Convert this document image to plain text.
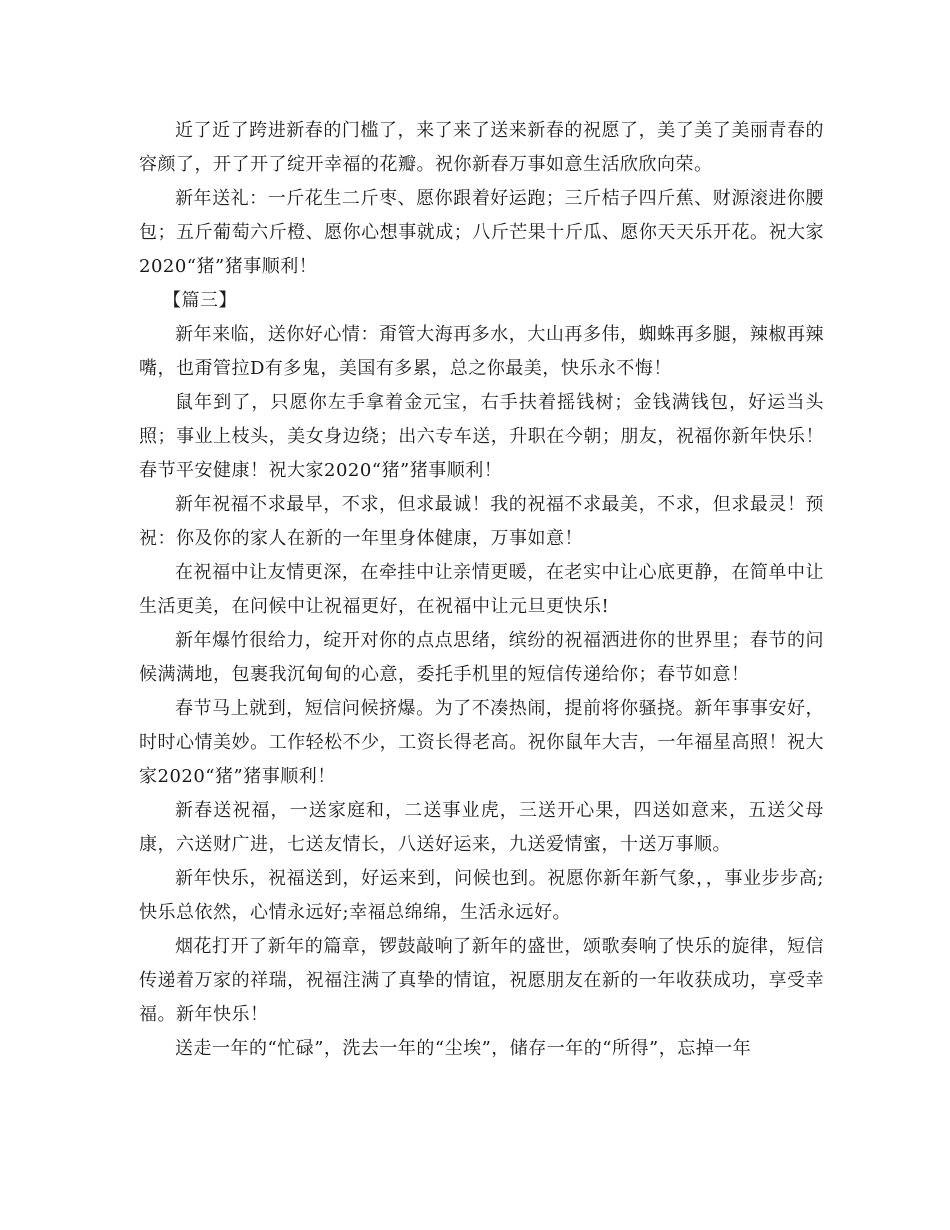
近了近了跨进新春的门槛了，来了来了送来新春的祝愿了，美了美了美丽青春的容颜了，开了开了绽开幸福的花瓣。祝你新春万事如意生活欣欣向荣。

新年送礼：一斤花生二斤枣、愿你跟着好运跑；三斤桔子四斤蕉、财源滚进你腰包；五斤葡萄六斤橙、愿你心想事就成；八斤芒果十斤瓜、愿你天天乐开花。祝大家2020“猪”猪事顺利！

【篇三】

新年来临，送你好心情：甭管大海再多水，大山再多伟，蜘蛛再多腿，辣椒再辣嘴，也甭管拉D有多鬼，美国有多累，总之你最美，快乐永不悔！

鼠年到了，只愿你左手拿着金元宝，右手扶着摇钱树；金钱满钱包，好运当头照；事业上枝头，美女身边绕；出六专车送，升职在今朝；朋友，祝福你新年快乐！春节平安健康！祝大家2020“猪”猪事顺利！

新年祝福不求最早，不求，但求最诚！我的祝福不求最美，不求，但求最灵！预祝：你及你的家人在新的一年里身体健康，万事如意！

在祝福中让友情更深，在牵挂中让亲情更暖，在老实中让心底更静，在简单中让生活更美，在问候中让祝福更好，在祝福中让元旦更快乐!

新年爆竹很给力，绽开对你的点点思绪，缤纷的祝福洒进你的世界里；春节的问候满满地，包裹我沉甸甸的心意，委托手机里的短信传递给你；春节如意！

春节马上就到，短信问候挤爆。为了不凑热闹，提前将你骚挠。新年事事安好，时时心情美妙。工作轻松不少，工资长得老高。祝你鼠年大吉，一年福星高照！祝大家2020“猪”猪事顺利！

新春送祝福，一送家庭和，二送事业虎，三送开心果，四送如意来，五送父母康，六送财广进，七送友情长，八送好运来，九送爱情蜜，十送万事顺。

新年快乐，祝福送到，好运来到，问候也到。祝愿你新年新气象，，事业步步高;快乐总依然，心情永远好;幸福总绵绵，生活永远好。

烟花打开了新年的篇章，锣鼓敲响了新年的盛世，颂歌奏响了快乐的旋律，短信传递着万家的祥瑞，祝福注满了真挚的情谊，祝愿朋友在新的一年收获成功，享受幸福。新年快乐！

送走一年的“忙碌”，洗去一年的“尘埃”，储存一年的“所得”，忘掉一年
